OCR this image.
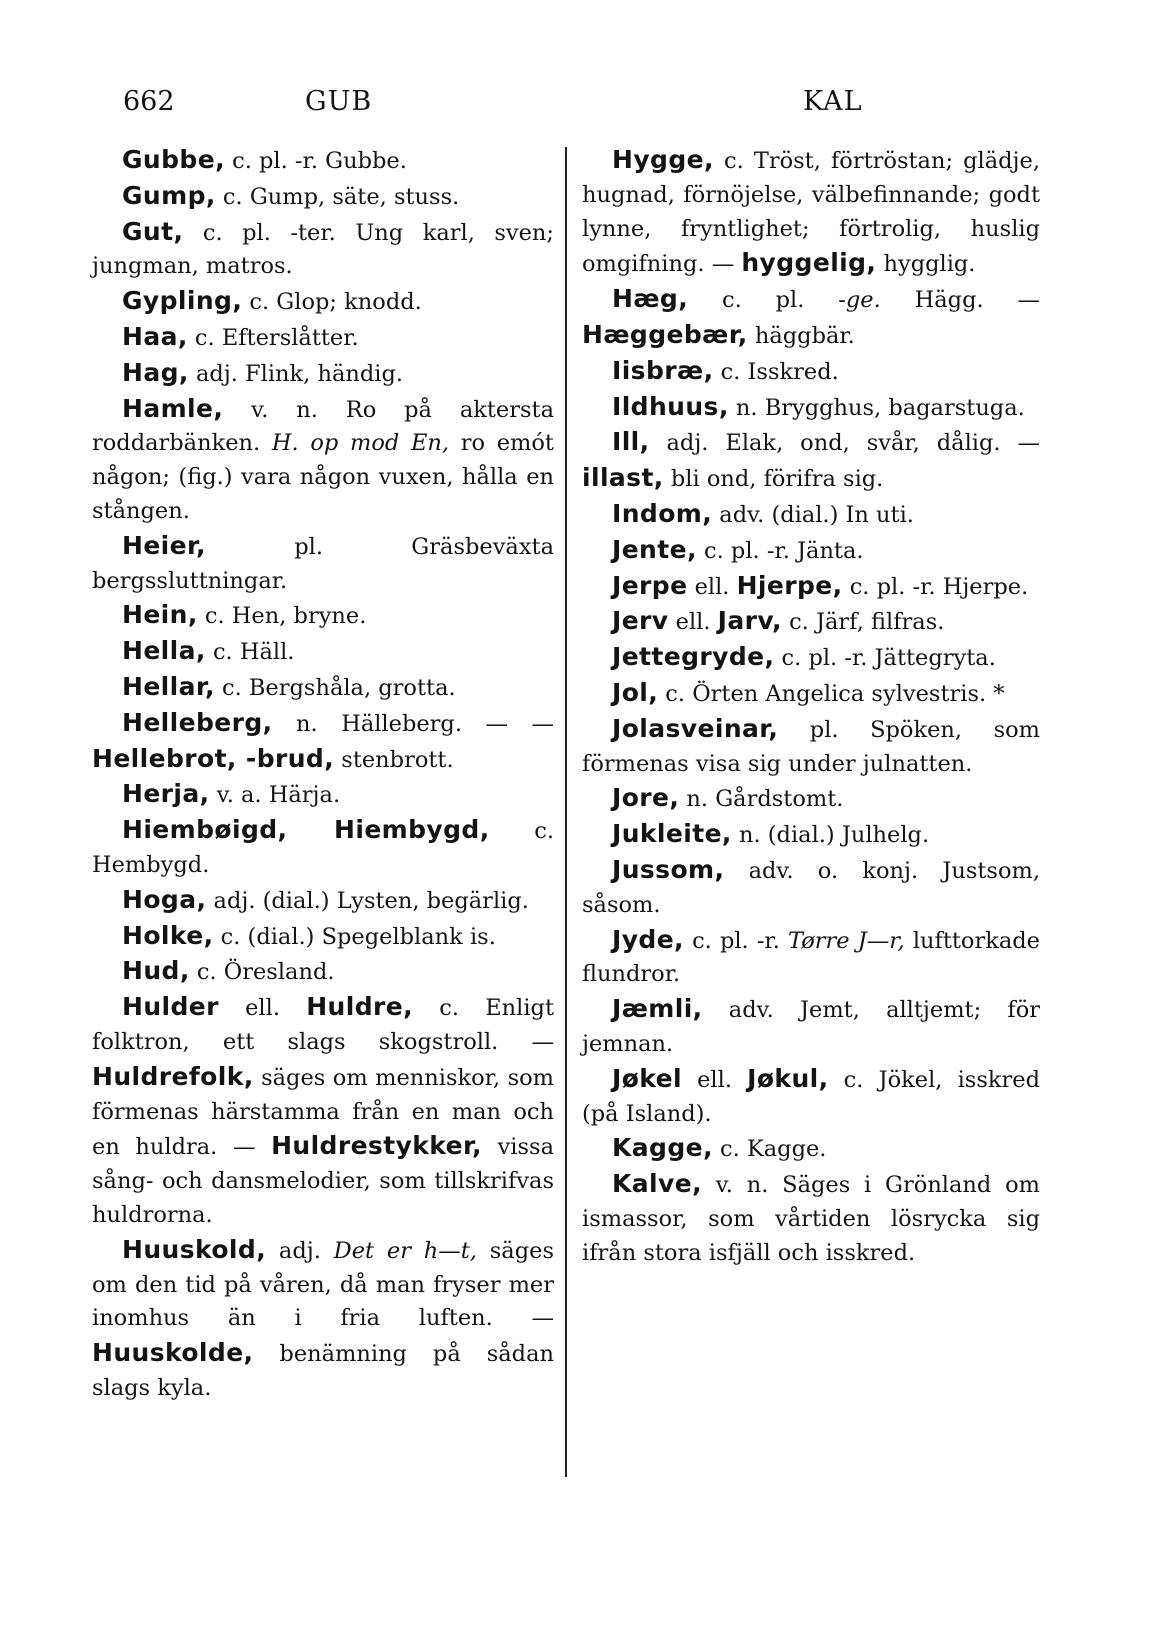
662	GUB	KAL

Gubbe, c. pl. -r. Gubbe.

Gump, c. Gump, säte, stuss.

Gut, c. pl. -ter. Ung karl, sven; jungman, matros.

Gypling, c. Glop; knodd.

Haa, c. Efterslåtter.

Hag, adj. Flink, händig.

Hamle, v. n. Ro på aktersta roddarbänken. H. op mod En, ro emót någon; (fig.) vara någon vuxen, hålla en stången.

Heier, pl. Gräsbeväxta bergssluttningar.

Hein, c. Hen, bryne.

Hella, c. Häll.

Hellar, c. Bergshåla, grotta.

Helleberg, n. Hälleberg. — — Hellebrot, -brud, stenbrott.

Herja, v. a. Härja.

Hiembøigd, Hiembygd, c. Hembygd.

Hoga, adj. (dial.) Lysten, begärlig.

Holke, c. (dial.) Spegelblank is.

Hud, c. Öresland.

Hulder ell. Huldre, c. Enligt folktron, ett slags skogstroll. — Huldrefolk, säges om menniskor, som förmenas härstamma från en man och en huldra. — Huldrestykker, vissa sång- och dansmelodier, som tillskrifvas huldrorna.

Huuskold, adj. Det er h—t, säges om den tid på våren, då man fryser mer inomhus än i fria luften. — Huuskolde, benämning på sådan slags kyla.

Hygge, c. Tröst, förtröstan; glädje, hugnad, förnöjelse, välbefinnande; godt lynne, fryntlighet; förtrolig, huslig omgifning. — hyggelig, hygglig.

Hæg, c. pl. -ge. Hägg. — Hæggebær, häggbär.

Iisbræ, c. Isskred.

Ildhuus, n. Brygghus, bagarstuga.

Ill, adj. Elak, ond, svår, dålig. — illast, bli ond, förifra sig.

Indom, adv. (dial.) In uti.

Jente, c. pl. -r. Jänta.

Jerpe ell. Hjerpe, c. pl. -r. Hjerpe.

Jerv ell. Jarv, c. Järf, filfras.

Jettegryde, c. pl. -r. Jättegryta.

Jol, c. Örten Angelica sylvestris. *

Jolasveinar, pl. Spöken, som förmenas visa sig under julnatten.

Jore, n. Gårdstomt.

Jukleite, n. (dial.) Julhelg.

Jussom, adv. o. konj. Justsom, såsom.

Jyde, c. pl. -r. Tørre J—r, lufttorkade flundror.

Jæmli, adv. Jemt, alltjemt; för jemnan.

Jøkel ell. Jøkul, c. Jökel, isskred (på Island).

Kagge, c. Kagge.

Kalve, v. n. Säges i Grönland om ismassor, som vårtiden lösrycka sig ifrån stora isfjäll och isskred.
